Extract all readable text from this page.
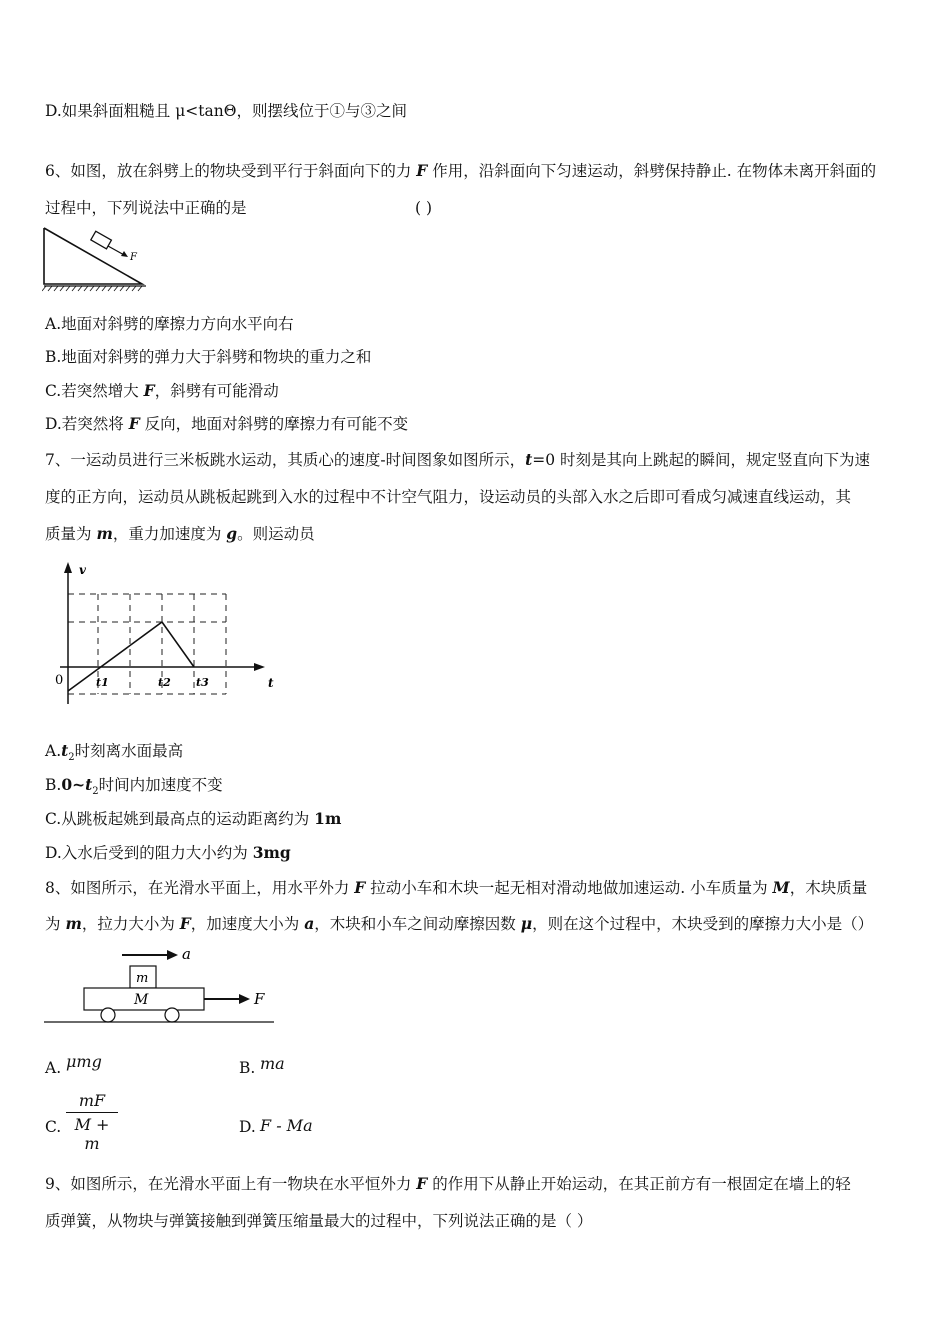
D.如果斜面粗糙且 μ<tanΘ，则摆线位于①与③之间
6、如图，放在斜劈上的物块受到平行于斜面向下的力 F 作用，沿斜面向下匀速运动，斜劈保持静止. 在物体未离开斜面的
过程中，下列说法中正确的是	( )
F
A.地面对斜劈的摩擦力方向水平向右
B.地面对斜劈的弹力大于斜劈和物块的重力之和
C.若突然增大 F，斜劈有可能滑动
D.若突然将 F 反向，地面对斜劈的摩擦力有可能不变
7、一运动员进行三米板跳水运动，其质心的速度-时间图象如图所示，t=0 时刻是其向上跳起的瞬间，规定竖直向下为速
度的正方向，运动员从跳板起跳到入水的过程中不计空气阻力，设运动员的头部入水之后即可看成匀减速直线运动，其
质量为 m，重力加速度为 g。则运动员
v
t
0	t1	t2 t3
$A.t_2$时刻离水面最高
$B.0\sim t_2$时间内加速度不变
C.从跳板起姚到最高点的运动距离约为 1m
D.入水后受到的阻力大小约为 3mg
8、如图所示，在光滑水平面上，用水平外力 F 拉动小车和木块一起无相对滑动地做加速运动. 小车质量为 M，木块质量
为 m，拉力大小为 F，加速度大小为 a，木块和小车之间动摩擦因数 μ，则在这个过程中，木块受到的摩擦力大小是（）
a
m
M	F
A. μmg	B. ma
C. $\frac{mF}{M + m}$	D. F - Ma
9、如图所示，在光滑水平面上有一物块在水平恒外力 F 的作用下从静止开始运动，在其正前方有一根固定在墙上的轻
质弹簧，从物块与弹簧接触到弹簧压缩量最大的过程中，下列说法正确的是（ ）
